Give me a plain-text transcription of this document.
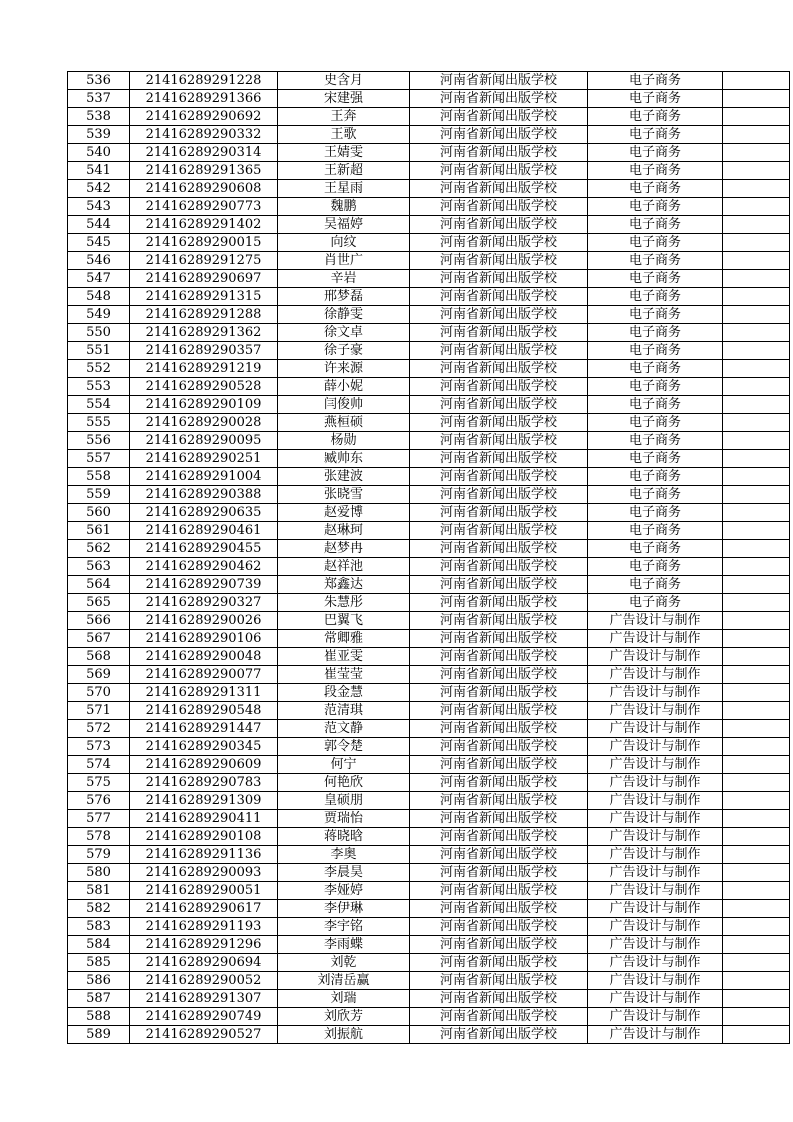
536	21416289291228	史含月	河南省新闻出版学校	电子商务	
537	21416289291366	宋建强	河南省新闻出版学校	电子商务	
538	21416289290692	王奔	河南省新闻出版学校	电子商务	
539	21416289290332	王歌	河南省新闻出版学校	电子商务	
540	21416289290314	王婧雯	河南省新闻出版学校	电子商务	
541	21416289291365	王新超	河南省新闻出版学校	电子商务	
542	21416289290608	王星雨	河南省新闻出版学校	电子商务	
543	21416289290773	魏鹏	河南省新闻出版学校	电子商务	
544	21416289291402	吴福婷	河南省新闻出版学校	电子商务	
545	21416289290015	向纹	河南省新闻出版学校	电子商务	
546	21416289291275	肖世广	河南省新闻出版学校	电子商务	
547	21416289290697	辛岩	河南省新闻出版学校	电子商务	
548	21416289291315	邢梦磊	河南省新闻出版学校	电子商务	
549	21416289291288	徐静雯	河南省新闻出版学校	电子商务	
550	21416289291362	徐文卓	河南省新闻出版学校	电子商务	
551	21416289290357	徐子豪	河南省新闻出版学校	电子商务	
552	21416289291219	许来源	河南省新闻出版学校	电子商务	
553	21416289290528	薛小妮	河南省新闻出版学校	电子商务	
554	21416289290109	闫俊帅	河南省新闻出版学校	电子商务	
555	21416289290028	燕桓硕	河南省新闻出版学校	电子商务	
556	21416289290095	杨勋	河南省新闻出版学校	电子商务	
557	21416289290251	臧帅东	河南省新闻出版学校	电子商务	
558	21416289291004	张建波	河南省新闻出版学校	电子商务	
559	21416289290388	张晓雪	河南省新闻出版学校	电子商务	
560	21416289290635	赵爱博	河南省新闻出版学校	电子商务	
561	21416289290461	赵琳珂	河南省新闻出版学校	电子商务	
562	21416289290455	赵梦冉	河南省新闻出版学校	电子商务	
563	21416289290462	赵祥池	河南省新闻出版学校	电子商务	
564	21416289290739	郑鑫达	河南省新闻出版学校	电子商务	
565	21416289290327	朱慧彤	河南省新闻出版学校	电子商务	
566	21416289290026	巴翼飞	河南省新闻出版学校	广告设计与制作	
567	21416289290106	常卿雅	河南省新闻出版学校	广告设计与制作	
568	21416289290048	崔亚雯	河南省新闻出版学校	广告设计与制作	
569	21416289290077	崔莹莹	河南省新闻出版学校	广告设计与制作	
570	21416289291311	段金慧	河南省新闻出版学校	广告设计与制作	
571	21416289290548	范清琪	河南省新闻出版学校	广告设计与制作	
572	21416289291447	范文静	河南省新闻出版学校	广告设计与制作	
573	21416289290345	郭令楚	河南省新闻出版学校	广告设计与制作	
574	21416289290609	何宁	河南省新闻出版学校	广告设计与制作	
575	21416289290783	何艳欣	河南省新闻出版学校	广告设计与制作	
576	21416289291309	皇硕朋	河南省新闻出版学校	广告设计与制作	
577	21416289290411	贾瑞怡	河南省新闻出版学校	广告设计与制作	
578	21416289290108	蒋晓晗	河南省新闻出版学校	广告设计与制作	
579	21416289291136	李奥	河南省新闻出版学校	广告设计与制作	
580	21416289290093	李晨昊	河南省新闻出版学校	广告设计与制作	
581	21416289290051	李娅婷	河南省新闻出版学校	广告设计与制作	
582	21416289290617	李伊琳	河南省新闻出版学校	广告设计与制作	
583	21416289291193	李宇铭	河南省新闻出版学校	广告设计与制作	
584	21416289291296	李雨蝶	河南省新闻出版学校	广告设计与制作	
585	21416289290694	刘乾	河南省新闻出版学校	广告设计与制作	
586	21416289290052	刘清岳赢	河南省新闻出版学校	广告设计与制作	
587	21416289291307	刘瑞	河南省新闻出版学校	广告设计与制作	
588	21416289290749	刘欣芳	河南省新闻出版学校	广告设计与制作	
589	21416289290527	刘振航	河南省新闻出版学校	广告设计与制作	
